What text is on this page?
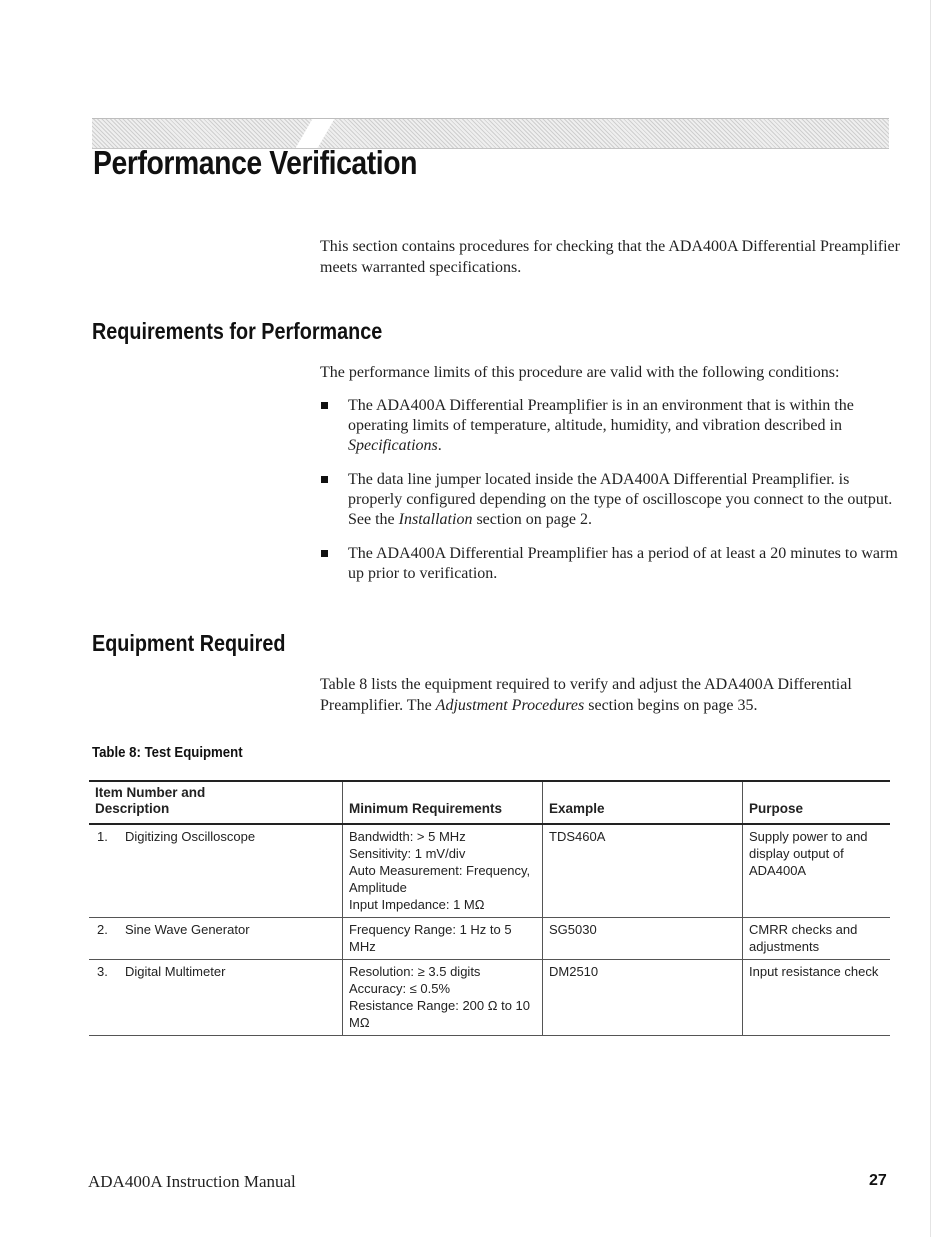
Performance Verification

This section contains procedures for checking that the ADA400A Differential Preamplifier meets warranted specifications.

Requirements for Performance

The performance limits of this procedure are valid with the following conditions:

The ADA400A Differential Preamplifier is in an environment that is within the operating limits of temperature, altitude, humidity, and vibration described in Specifications.
The data line jumper located inside the ADA400A Differential Preamplifier. is properly configured depending on the type of oscilloscope you connect to the output. See the Installation section on page 2.
The ADA400A Differential Preamplifier has a period of at least a 20 minutes to warm up prior to verification.
Equipment Required

Table 8 lists the equipment required to verify and adjust the ADA400A Differential Preamplifier. The Adjustment Procedures section begins on page 35.

Table 8: Test Equipment
Item Number and Description	Minimum Requirements	Example	Purpose
1. Digitizing Oscilloscope	Bandwidth: > 5 MHz
Sensitivity: 1 mV/div
Auto Measurement: Frequency, Amplitude
Input Impedance: 1 MΩ	TDS460A	Supply power to and display output of ADA400A
2. Sine Wave Generator	Frequency Range: 1 Hz to 5 MHz	SG5030	CMRR checks and adjustments
3. Digital Multimeter	Resolution: ≥ 3.5 digits
Accuracy: ≤ 0.5%
Resistance Range: 200 Ω to 10 MΩ	DM2510	Input resistance check

ADA400A Instruction Manual	27
